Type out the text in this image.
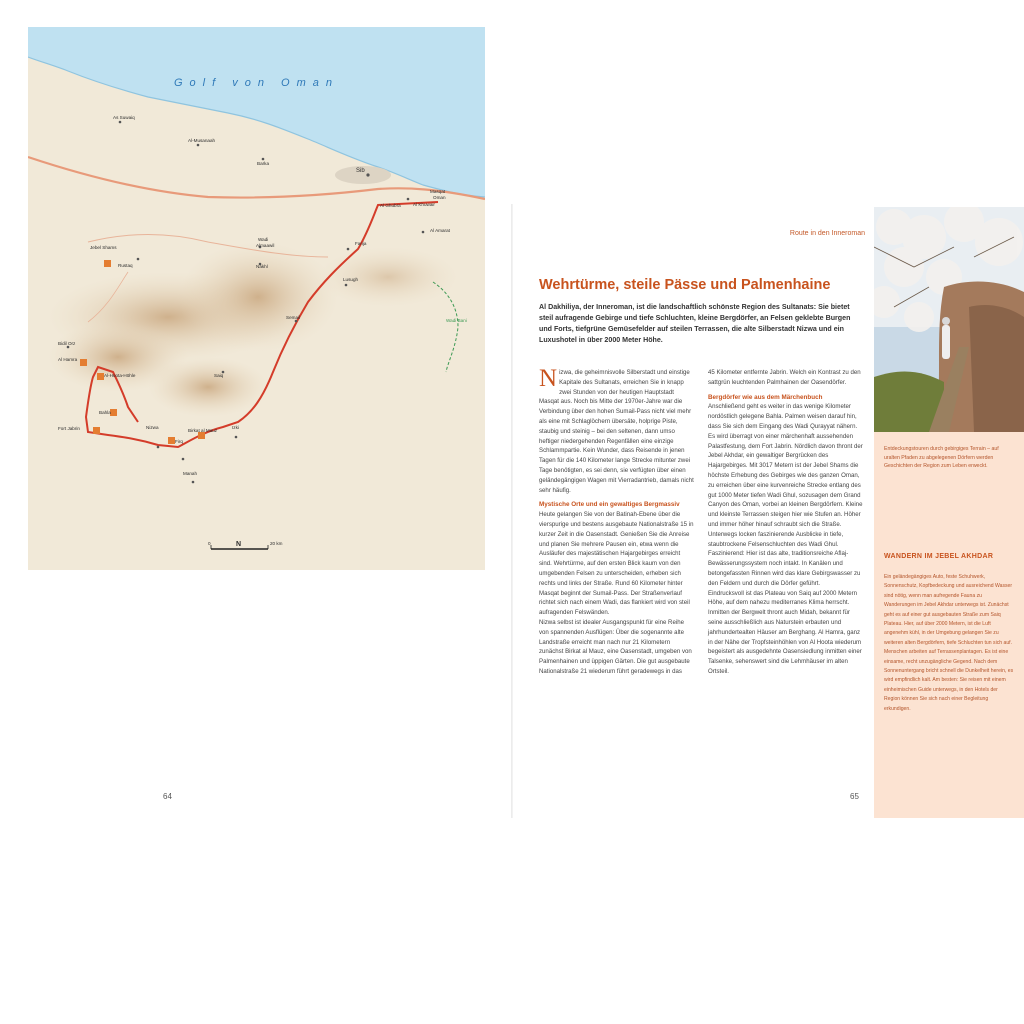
As Suwaiq
Al-Musanaah
Barka
Sib
Masqat
Oman
Al Ghubra	Al Khuwair
Wadi
Almaawil
Nakhl
Rustaq
Jebel Shams
Al Amarat
Fanja
Lusugh
Semail
Bidil Orz
Al Hamra
Al-Hoota-Höhle
Bahla
Fort Jabrin	Nizwa
Saiq
Birkat al Mauz
Izki
Firq
Manah
Wadi Bani
0	N	20 km
Golf von Oman
64	65
Route in den Inneroman
Wehrtürme, steile Pässe und Palmenhaine
Al Dakhiliya, der Inneroman, ist die landschaftlich schönste Region des Sultanats: Sie bietet steil aufragende Gebirge und tiefe Schluchten, kleine Bergdörfer, an Felsen geklebte Burgen und Forts, tiefgrüne Gemüsefelder auf steilen Terrassen, die alte Silberstadt Nizwa und ein Luxushotel in über 2000 Meter Höhe.

Nizwa, die geheimnisvolle Silberstadt und einstige Kapitale des Sultanats, erreichen Sie in knapp zwei Stunden von der heutigen Hauptstadt Masqat aus. Noch bis Mitte der 1970er-Jahre war die Verbindung über den hohen Sumail-Pass nicht viel mehr als eine mit Schlaglöchern übersäte, holprige Piste, staubig und steinig – bei den seltenen, dann umso heftiger niedergehenden Regenfällen eine einzige Schlammpartie. Kein Wunder, dass Reisende in jenen Tagen für die 140 Kilometer lange Strecke mitunter zwei Tage benötigten, es sei denn, sie verfügten über einen geländegängigen Wagen mit Vierradantrieb, damals nicht sehr häufig.

Mystische Orte und ein gewaltiges Bergmassiv

Heute gelangen Sie von der Batinah-Ebene über die vierspurige und bestens ausgebaute Nationalstraße 15 in kurzer Zeit in die Oasenstadt. Genießen Sie die Anreise und planen Sie mehrere Pausen ein, etwa wenn die Ausläufer des majestätischen Hajargebirges erreicht sind. Wehrtürme, auf den ersten Blick kaum von den umgebenden Felsen zu unterscheiden, erheben sich rechts und links der Straße. Rund 60 Kilometer hinter Masqat beginnt der Sumail-Pass. Der Straßenverlauf richtet sich nach einem Wadi, das flankiert wird von steil aufragenden Felswänden.

Nizwa selbst ist idealer Ausgangspunkt für eine Reihe von spannenden Ausflügen: Über die sogenannte alte Landstraße erreicht man nach nur 21 Kilometern zunächst Birkat al Mauz, eine Oasenstadt, umgeben von Palmenhainen und üppigen Gärten. Die gut ausgebaute Nationalstraße 21 wiederum führt geradewegs in das

45 Kilometer entfernte Jabrin. Welch ein Kontrast zu den sattgrün leuchtenden Palmhainen der Oasendörfer.

Bergdörfer wie aus dem Märchenbuch

Anschließend geht es weiter in das wenige Kilometer nordöstlich gelegene Bahla. Palmen weisen darauf hin, dass Sie sich dem Eingang des Wadi Qurayyat nähern. Es wird überragt von einer märchenhaft aussehenden Palastfestung, dem Fort Jabrin. Nördlich davon thront der Jebel Akhdar, ein gewaltiger Bergrücken des Hajargebirges. Mit 3017 Metern ist der Jebel Shams die höchste Erhebung des Gebirges wie des ganzen Oman, zu erreichen über eine kurvenreiche Strecke entlang des gut 1000 Meter tiefen Wadi Ghul, sozusagen dem Grand Canyon des Oman, vorbei an kleinen Bergdörfern. Kleine und kleinste Terrassen steigen hier wie Stufen an. Höher und immer höher hinauf schraubt sich die Straße. Unterwegs locken faszinierende Ausblicke in tiefe, staubtrockene Felsenschluchten des Wadi Ghul. Faszinierend: Hier ist das alte, traditionsreiche Aflaj-Bewässerungssystem noch intakt. In Kanälen und betongefassten Rinnen wird das klare Gebirgswasser zu den Feldern und durch die Dörfer geführt.

Eindrucksvoll ist das Plateau von Saiq auf 2000 Metern Höhe, auf dem nahezu mediterranes Klima herrscht. Inmitten der Bergwelt thront auch Midah, bekannt für seine ausschließlich aus Naturstein erbauten und jahrhundertealten Häuser am Berghang. Al Hamra, ganz in der Nähe der Tropfsteinhöhlen von Al Hoota wiederum begeistert als ausgedehnte Oasensiedlung inmitten einer Talsenke, sehenswert sind die Lehmhäuser im alten Ortsteil.

Entdeckungstouren durch gebirgiges Terrain – auf uralten Pfaden zu abgelegenen Dörfern werden Geschichten der Region zum Leben erweckt.
WANDERN IM JEBEL AKHDAR
Ein geländegängiges Auto, feste Schuhwerk, Sonnenschutz, Kopfbedeckung und ausreichend Wasser sind nötig, wenn man aufregende Fauna zu Wanderungen im Jebel Akhdar unterwegs ist. Zunächst geht es auf einer gut ausgebauten Straße zum Saiq Plateau. Hier, auf über 2000 Metern, ist die Luft angenehm kühl, in der Umgebung gelangen Sie zu weiteren alten Bergdörfern, tiefe Schluchten tun sich auf. Menschen arbeiten auf Terrassenplantagen. Es ist eine einsame, recht unzugängliche Gegend. Nach dem Sonnenuntergang bricht schnell die Dunkelheit herein, es wird empfindlich kalt. Am besten: Sie reisen mit einem einheimischen Guide unterwegs, in den Hotels der Region können Sie sich nach einer Begleitung erkundigen.
